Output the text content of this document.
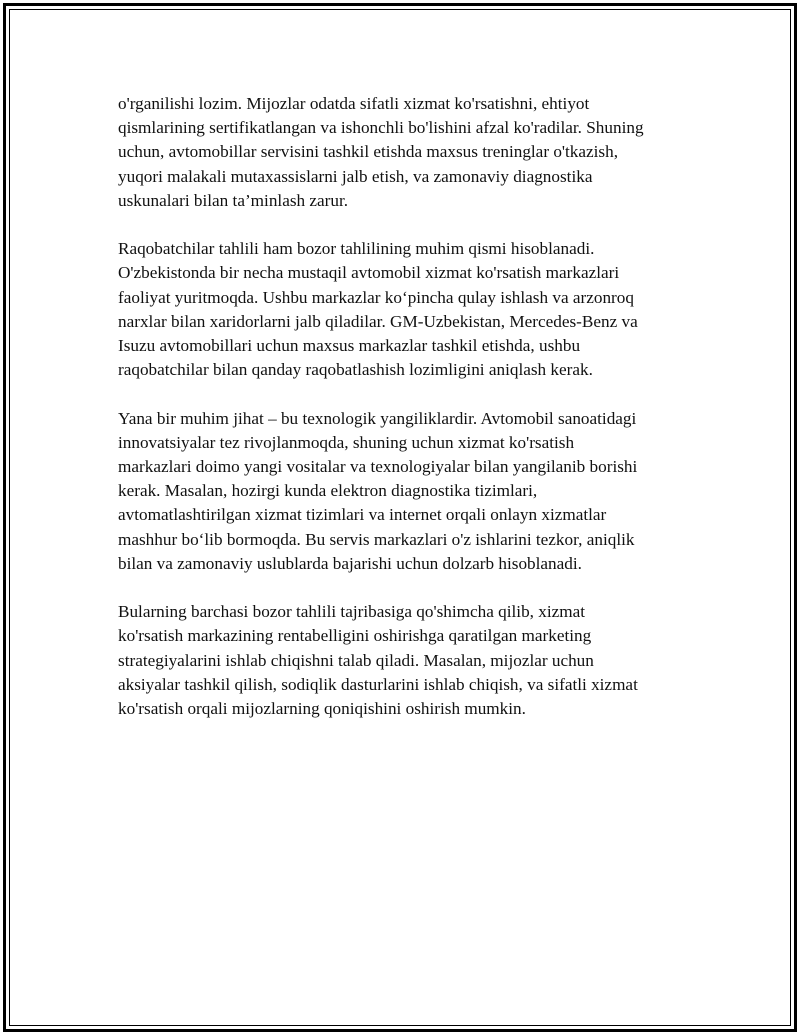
o'rganilishi lozim. Mijozlar odatda sifatli xizmat ko'rsatishni, ehtiyot
qismlarining sertifikatlangan va ishonchli bo'lishini afzal ko'radilar. Shuning
uchun, avtomobillar servisini tashkil etishda maxsus treninglar o'tkazish,
yuqori malakali mutaxassislarni jalb etish, va zamonaviy diagnostika
uskunalari bilan ta’minlash zarur.

Raqobatchilar tahlili ham bozor tahlilining muhim qismi hisoblanadi.
O'zbekistonda bir necha mustaqil avtomobil xizmat ko'rsatish markazlari
faoliyat yuritmoqda. Ushbu markazlar koʻpincha qulay ishlash va arzonroq
narxlar bilan xaridorlarni jalb qiladilar. GM-Uzbekistan, Mercedes-Benz va
Isuzu avtomobillari uchun maxsus markazlar tashkil etishda, ushbu
raqobatchilar bilan qanday raqobatlashish lozimligini aniqlash kerak.

Yana bir muhim jihat – bu texnologik yangiliklardir. Avtomobil sanoatidagi
innovatsiyalar tez rivojlanmoqda, shuning uchun xizmat ko'rsatish
markazlari doimo yangi vositalar va texnologiyalar bilan yangilanib borishi
kerak. Masalan, hozirgi kunda elektron diagnostika tizimlari,
avtomatlashtirilgan xizmat tizimlari va internet orqali onlayn xizmatlar
mashhur boʻlib bormoqda. Bu servis markazlari o'z ishlarini tezkor, aniqlik
bilan va zamonaviy uslublarda bajarishi uchun dolzarb hisoblanadi.

Bularning barchasi bozor tahlili tajribasiga qo'shimcha qilib, xizmat
ko'rsatish markazining rentabelligini oshirishga qaratilgan marketing
strategiyalarini ishlab chiqishni talab qiladi. Masalan, mijozlar uchun
aksiyalar tashkil qilish, sodiqlik dasturlarini ishlab chiqish, va sifatli xizmat
ko'rsatish orqali mijozlarning qoniqishini oshirish mumkin.
